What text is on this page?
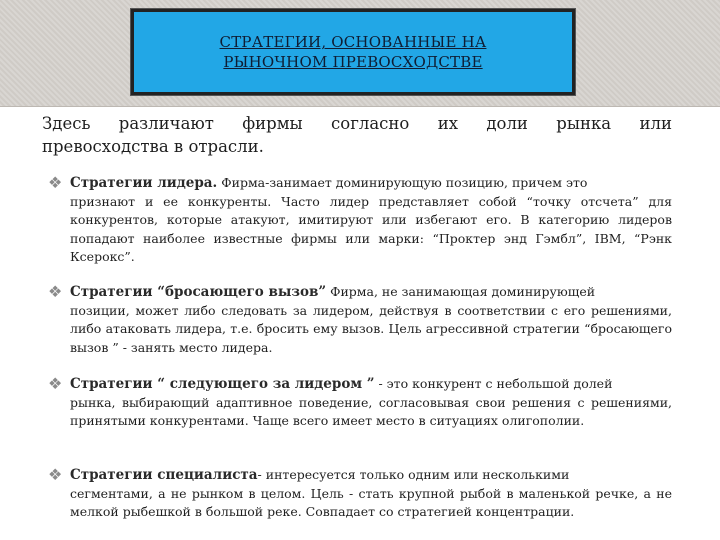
СТРАТЕГИИ, ОСНОВАННЫЕ НА
РЫНОЧНОМ ПРЕВОСХОДСТВЕ
Здесь различают фирмы согласно их доли рынка или
превосходства в отрасли.
❖ Стратегии лидера. Фирма-занимает доминирующую позицию, причем это
признают и ее конкуренты. Часто лидер представляет собой “точку отсчета” для конкурентов, которые атакуют, имитируют или избегают его. В категорию лидеров попадают наиболее известные фирмы или марки: “Проктер энд Гэмбл”, IBM, “Рэнк Ксерокс”.
❖ Стратегии “бросающего вызов” Фирма, не занимающая доминирующей
позиции, может либо следовать за лидером, действуя в соответствии с его решениями, либо атаковать лидера, т.е. бросить ему вызов. Цель агрессивной стратегии “бросающего вызов ” - занять место лидера.
❖ Стратегии “ следующего за лидером ” - это конкурент с небольшой долей
рынка, выбирающий адаптивное поведение, согласовывая свои решения с решениями, принятыми конкурентами. Чаще всего имеет место в ситуациях олигополии.
❖ Стратегии специалиста- интересуется только одним или несколькими
сегментами, а не рынком в целом. Цель - стать крупной рыбой в маленькой речке, а не мелкой рыбешкой в большой реке. Совпадает со стратегией концентрации.
